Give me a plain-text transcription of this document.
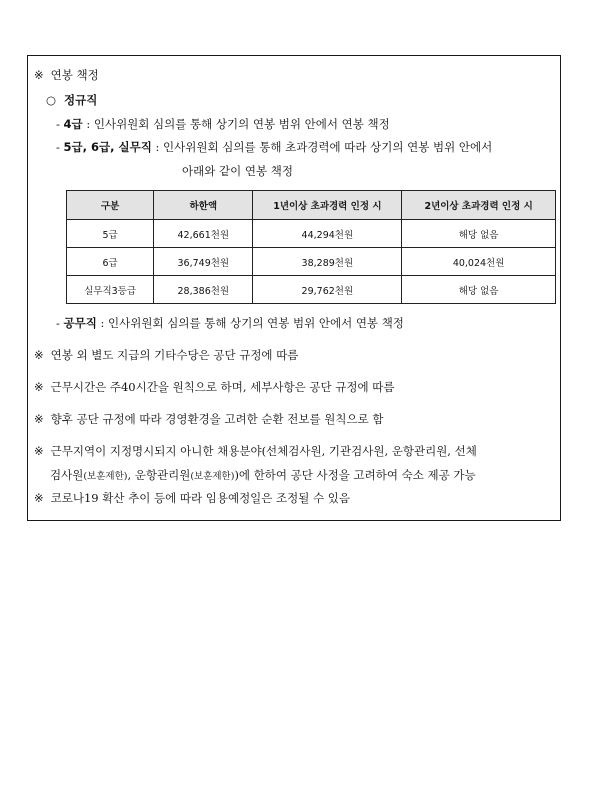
※ 연봉 책정
○ 정규직
- 4급 : 인사위원회 심의를 통해 상기의 연봉 범위 안에서 연봉 책정
- 5급, 6급, 실무직 : 인사위원회 심의를 통해 초과경력에 따라 상기의 연봉 범위 안에서
아래와 같이 연봉 책정
구분	하한액	1년이상 초과경력 인정 시	2년이상 초과경력 인정 시
5급	42,661천원	44,294천원	해당 없음
6급	36,749천원	38,289천원	40,024천원
실무직3등급	28,386천원	29,762천원	해당 없음
- 공무직 : 인사위원회 심의를 통해 상기의 연봉 범위 안에서 연봉 책정
※ 연봉 외 별도 지급의 기타수당은 공단 규정에 따름
※ 근무시간은 주40시간을 원칙으로 하며, 세부사항은 공단 규정에 따름
※ 향후 공단 규정에 따라 경영환경을 고려한 순환 전보를 원칙으로 함
※ 근무지역이 지정명시되지 아니한 채용분야(선체검사원, 기관검사원, 운항관리원, 선체
검사원(보훈제한), 운항관리원(보훈제한))에 한하여 공단 사정을 고려하여 숙소 제공 가능
※ 코로나19 확산 추이 등에 따라 임용예정일은 조정될 수 있음
